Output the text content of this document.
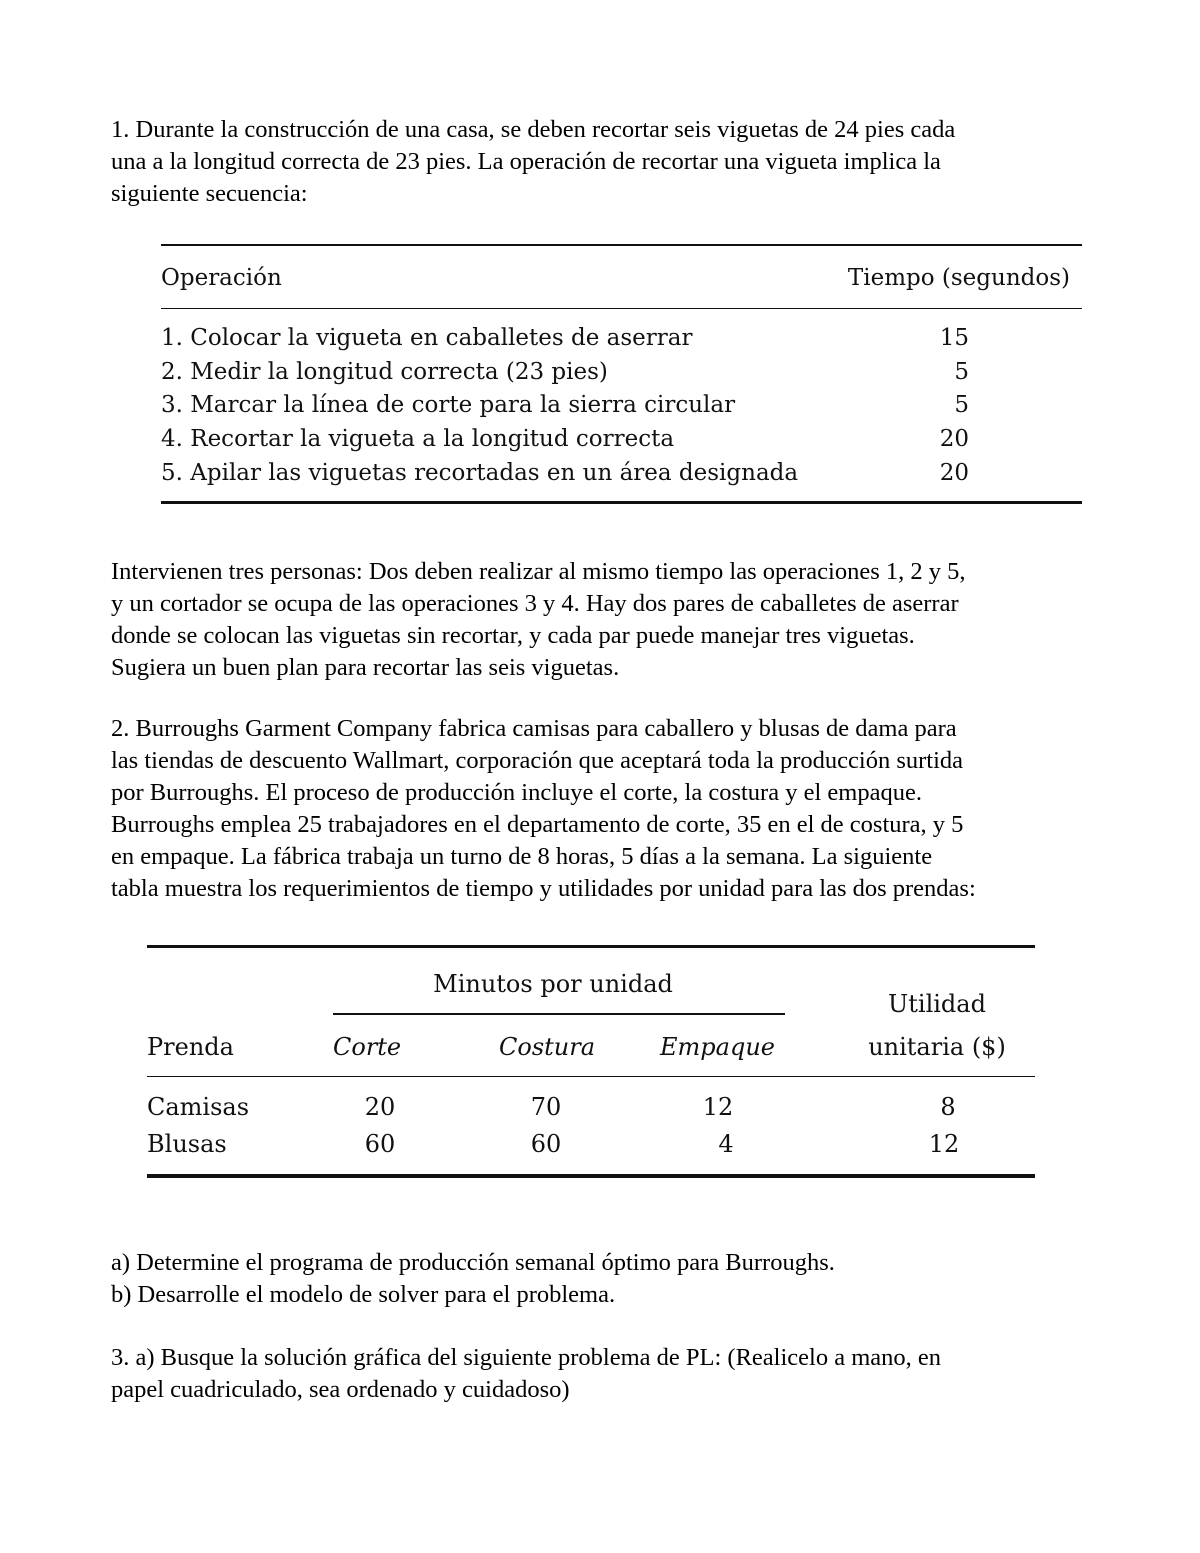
1. Durante la construcción de una casa, se deben recortar seis viguetas de 24 pies cada
una a la longitud correcta de 23 pies. La operación de recortar una vigueta implica la
siguiente secuencia:

Operación	Tiempo (segundos)
1. Colocar la vigueta en caballetes de aserrar	15
2. Medir la longitud correcta (23 pies)	5
3. Marcar la línea de corte para la sierra circular	5
4. Recortar la vigueta a la longitud correcta	20
5. Apilar las viguetas recortadas en un área designada	20

Intervienen tres personas: Dos deben realizar al mismo tiempo las operaciones 1, 2 y 5,
y un cortador se ocupa de las operaciones 3 y 4. Hay dos pares de caballetes de aserrar
donde se colocan las viguetas sin recortar, y cada par puede manejar tres viguetas.
Sugiera un buen plan para recortar las seis viguetas.

2. Burroughs Garment Company fabrica camisas para caballero y blusas de dama para
las tiendas de descuento Wallmart, corporación que aceptará toda la producción surtida
por Burroughs. El proceso de producción incluye el corte, la costura y el empaque.
Burroughs emplea 25 trabajadores en el departamento de corte, 35 en el de costura, y 5
en empaque. La fábrica trabaja un turno de 8 horas, 5 días a la semana. La siguiente
tabla muestra los requerimientos de tiempo y utilidades por unidad para las dos prendas:

Minutos por unidad
Utilidad
Prenda	Corte	Costura	Empaque	unitaria ($)
Camisas	20	70	12	8
Blusas	60	60	4	12

a) Determine el programa de producción semanal óptimo para Burroughs.
b) Desarrolle el modelo de solver para el problema.

3. a) Busque la solución gráfica del siguiente problema de PL: (Realicelo a mano, en
papel cuadriculado, sea ordenado y cuidadoso)
